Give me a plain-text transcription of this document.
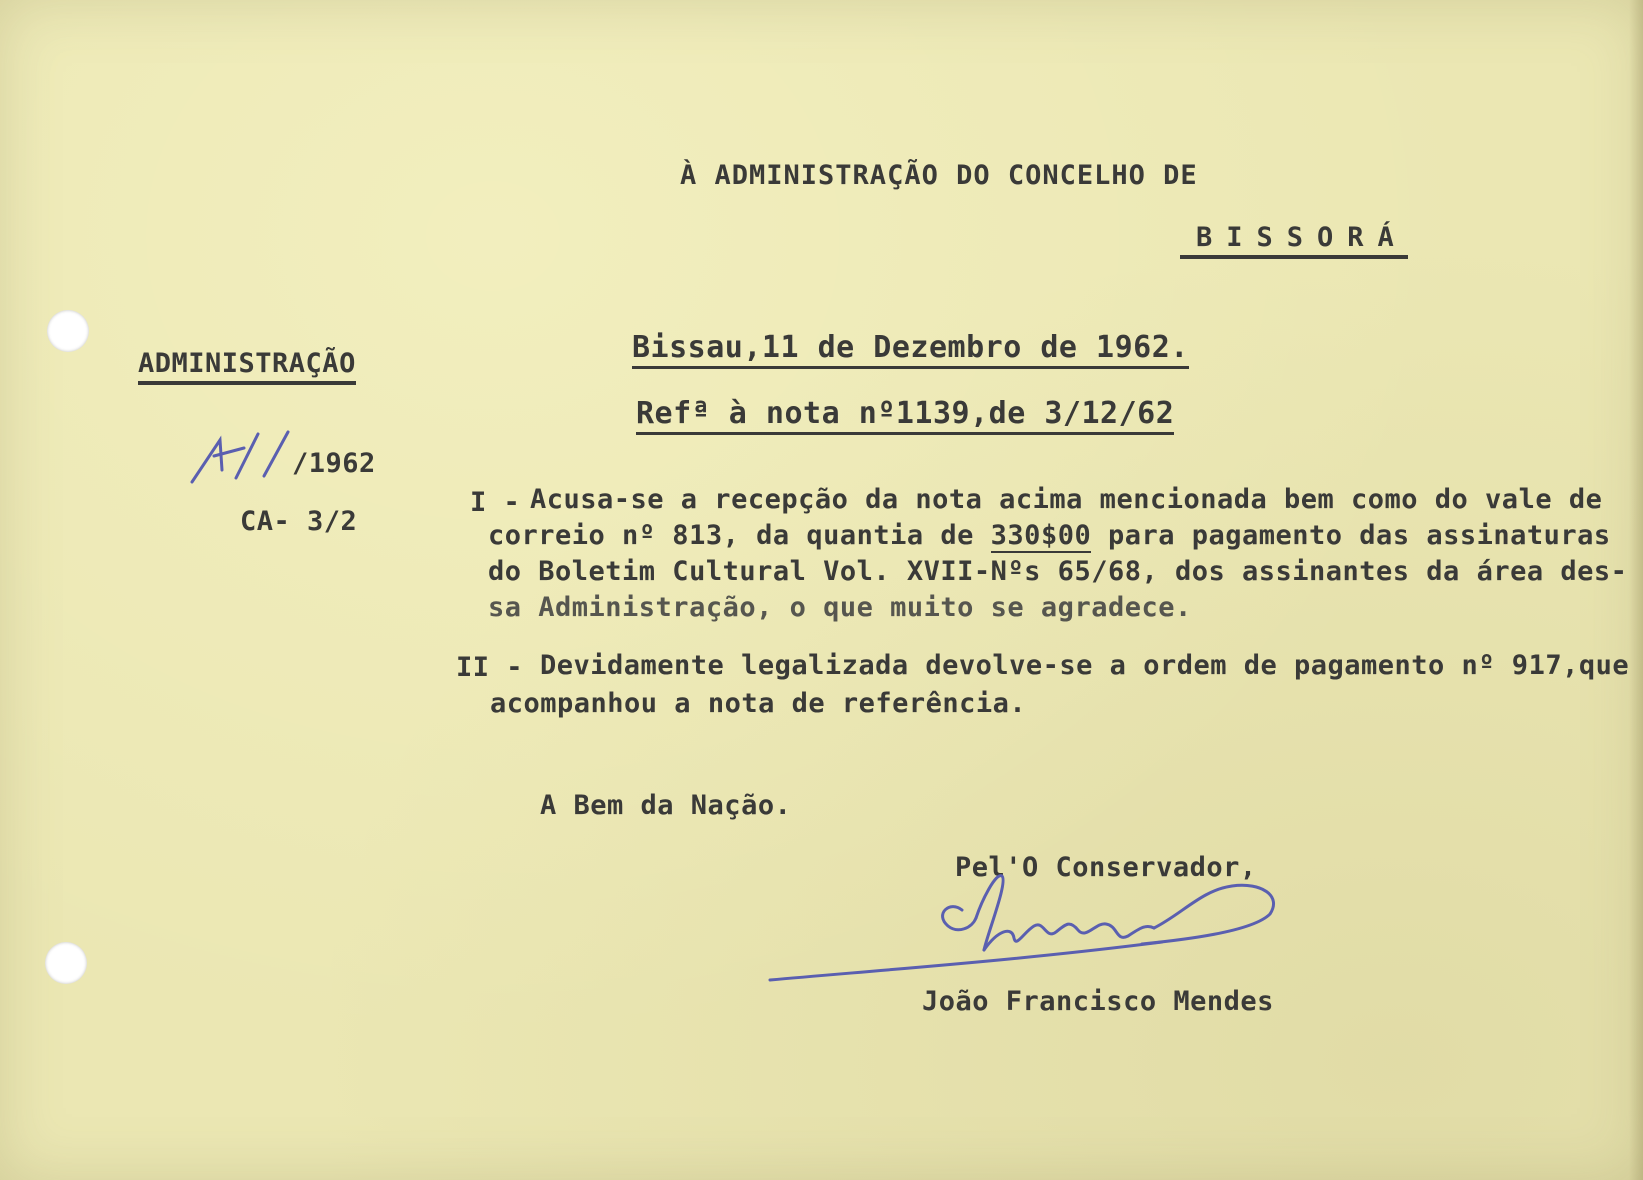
À ADMINISTRAÇÃO DO CONCELHO DE
BISSORÁ
ADMINISTRAÇÃO
/1962
CA- 3/2
Bissau,11 de Dezembro de 1962.
Refª à nota nº1139,de 3/12/62
I - Acusa-se a recepção da nota acima mencionada bem como do vale de
correio nº 813, da quantia de 330$00 para pagamento das assinaturas
do Boletim Cultural Vol. XVII-Nºs 65/68, dos assinantes da área des-
sa Administração, o que muito se agradece.
II - Devidamente legalizada devolve-se a ordem de pagamento nº 917,que
acompanhou a nota de referência.
A Bem da Nação.
Pel'O Conservador,
João Francisco Mendes
